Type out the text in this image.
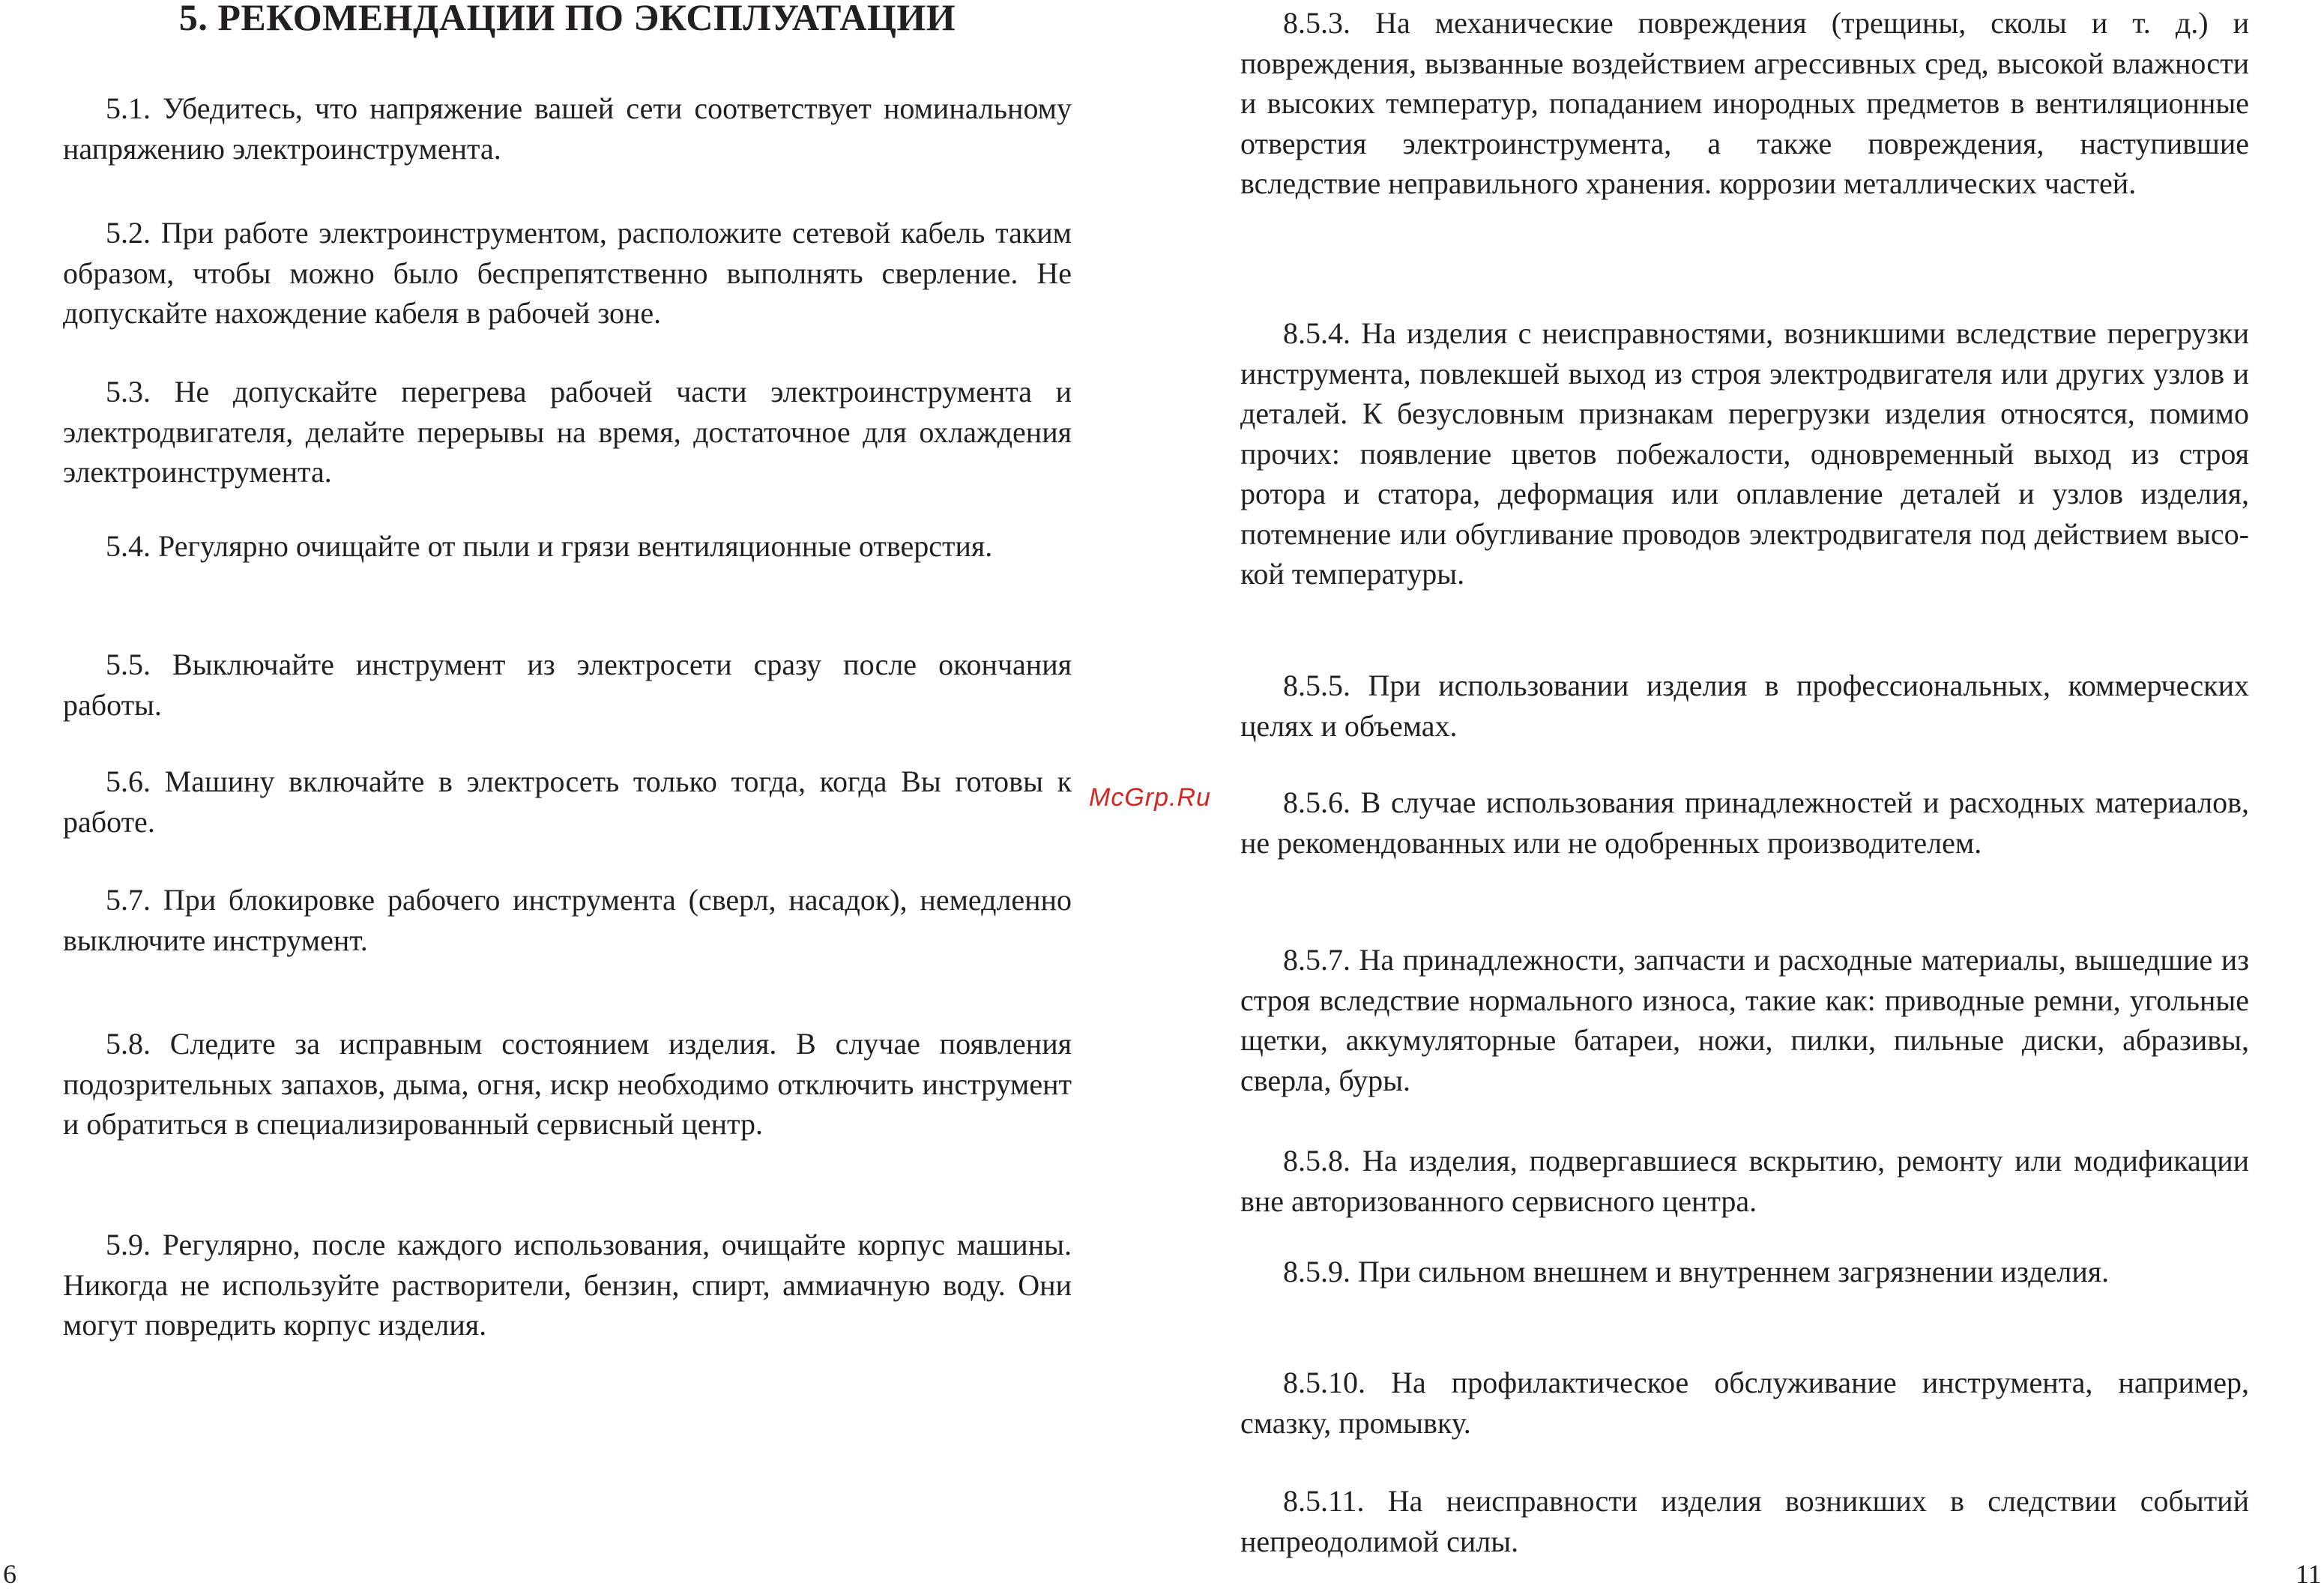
5. РЕКОМЕНДАЦИИ ПО ЭКСПЛУАТАЦИИ

5.1. Убедитесь, что напряжение вашей сети соответствует номинальному напряжению электроинструмента.

5.2. При работе электроинструментом, расположите сетевой кабель таким образом, чтобы можно было беспрепятственно выполнять сверление. Не допускайте нахождение кабеля в рабочей зоне.

5.3. Не допускайте перегрева рабочей части электроинструмента и электродвигателя, делайте перерывы на время, достаточное для охлаждения электроинструмента.

5.4. Регулярно очищайте от пыли и грязи вентиляционные отверстия.

5.5. Выключайте инструмент из электросети сразу после окончания работы.

5.6. Машину включайте в электросеть только тогда, когда Вы готовы к работе.

5.7. При блокировке рабочего инструмента (сверл, насадок), немедленно выключите инструмент.

5.8. Следите за исправным состоянием изделия. В случае появления подозрительных запахов, дыма, огня, искр необходимо отключить инструмент и обратиться в специализированный сервисный центр.

5.9. Регулярно, после каждого использования, очищайте корпус машины. Никогда не используйте растворители, бензин, спирт, аммиачную воду. Они могут повредить корпус изделия.

McGrp.Ru

8.5.3. На механические повреждения (трещины, сколы и т. д.) и повреждения, вызванные воздействием агрессивных сред, высокой влажности и высоких температур, попаданием инородных предметов в вентиляционные отверстия электроинструмента, а также повреждения, наступившие вследствие неправильного хранения. коррозии металлических частей.

8.5.4. На изделия с неисправностями, возникшими вследствие перегрузки инструмента, повлекшей выход из строя электродвигателя или других узлов и деталей. К безусловным признакам перегрузки изделия относятся, помимо прочих: появление цветов побежалости, одновременный выход из строя ротора и статора, деформация или оплавление деталей и узлов изделия, потемнение или обугливание проводов электродвигателя под действием высокой температуры.

8.5.5. При использовании изделия в профессиональных, коммерческих целях и объемах.

8.5.6. В случае использования принадлежностей и расходных материалов, не рекомендованных или не одобренных производителем.

8.5.7. На принадлежности, запчасти и расходные материалы, вышедшие из строя вследствие нормального износа, такие как: приводные ремни, угольные щетки, аккумуляторные батареи, ножи, пилки, пильные диски, абразивы, сверла, буры.

8.5.8. На изделия, подвергавшиеся вскрытию, ремонту или модификации вне авторизованного сервисного центра.

8.5.9. При сильном внешнем и внутреннем загрязнении изделия.

8.5.10. На профилактическое обслуживание инструмента, например, смазку, промывку.

8.5.11. На неисправности изделия возникших в следствии событий непреодолимой силы.

6	11
